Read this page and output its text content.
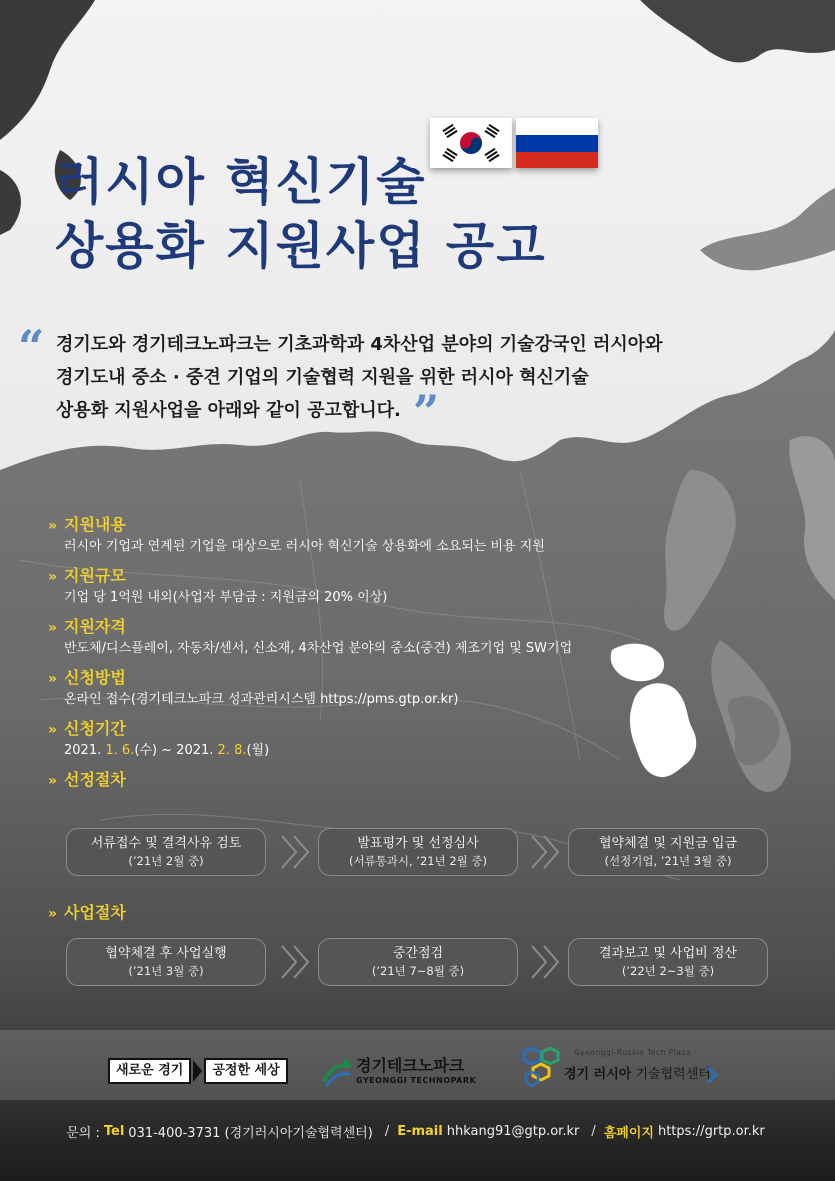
러시아 혁신기술
상용화 지원사업 공고
“ 경기도와 경기테크노파크는 기초과학과 4차산업 분야의 기술강국인 러시아와
경기도내 중소 · 중견 기업의 기술협력 지원을 위한 러시아 혁신기술
상용화 지원사업을 아래와 같이 공고합니다. ”
» 지원내용
러시아 기업과 연계된 기업을 대상으로 러시아 혁신기술 상용화에 소요되는 비용 지원
» 지원규모
기업 당 1억원 내외(사업자 부담금 : 지원금의 20% 이상)
» 지원자격
반도체/디스플레이, 자동차/센서, 신소재, 4차산업 분야의 중소(중견) 제조기업 및 SW기업
» 신청방법
온라인 접수(경기테크노파크 성과관리시스템 https://pms.gtp.or.kr)
» 신청기간
2021. 1. 6.(수) ~ 2021. 2. 8.(월)
» 선정절차
서류접수 및 결격사유 검토
(’21년 2월 중)
발표평가 및 선정심사
(서류통과시, ’21년 2월 중)
협약체결 및 지원금 입금
(선정기업, ’21년 3월 중)
» 사업절차
협약체결 후 사업실행
(’21년 3월 중)
중간점검
(’21년 7~8월 중)
결과보고 및 사업비 정산
(’22년 2~3월 중)
새로운 경기	공정한 세상	경기테크노파크
GYEONGGI TECHNOPARK
Gyeonggi-Russia Tech Plaza
경기 러시아 기술협력센터
문의 : Tel 031-400-3731 (경기러시아기술협력센터) / E-mail hhkang91@gtp.or.kr / 홈페이지 https://grtp.or.kr
